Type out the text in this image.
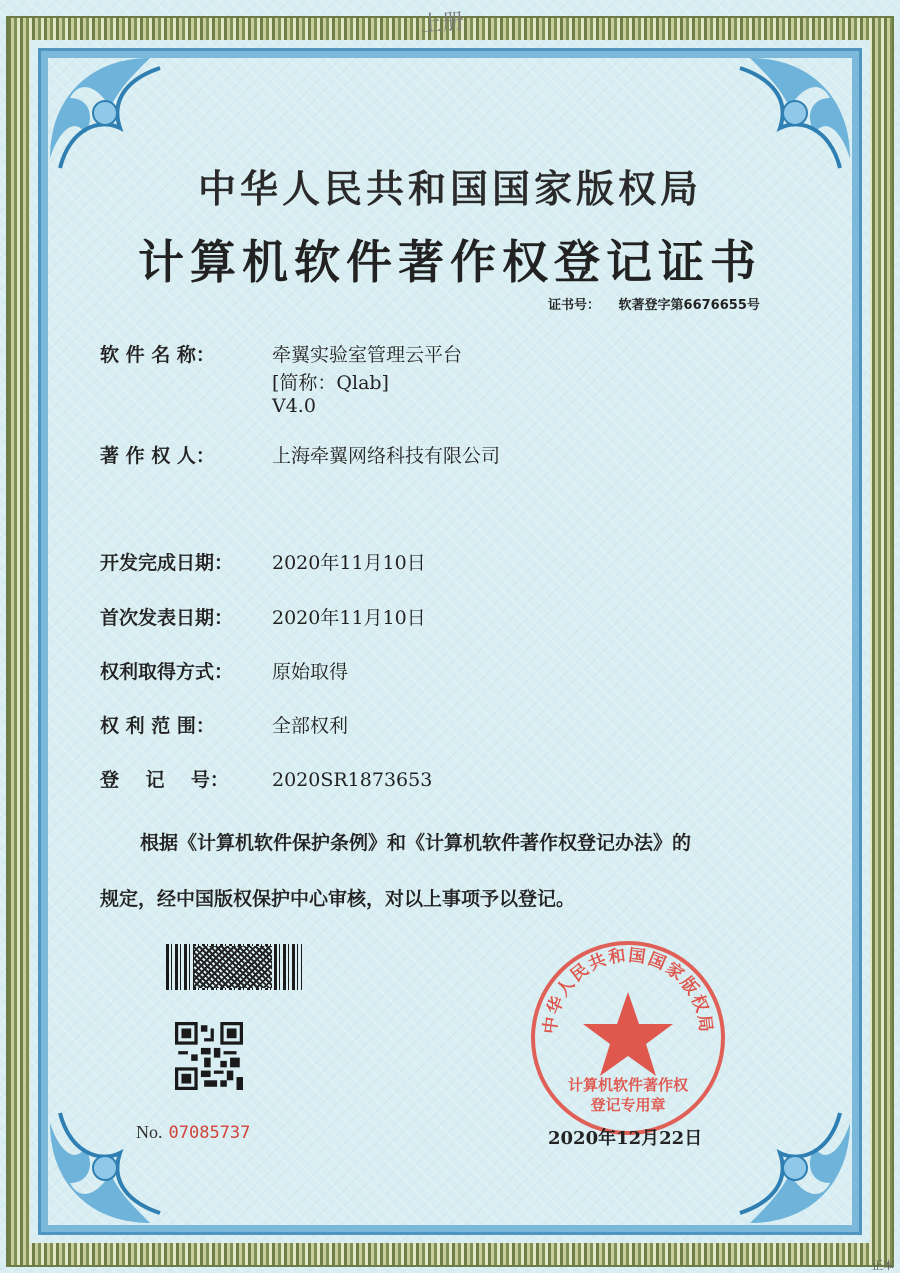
上册
中华人民共和国国家版权局
计算机软件著作权登记证书
证书号： 软著登字第6676655号
软 件 名 称：	牵翼实验室管理云平台
[简称：Qlab]
V4.0
著 作 权 人：	上海牵翼网络科技有限公司
开发完成日期： 2020年11月10日
首次发表日期： 2020年11月10日
权利取得方式： 原始取得
权 利 范 围：	全部权利
登    记    号： 2020SR1873653
根据《计算机软件保护条例》和《计算机软件著作权登记办法》的
规定，经中国版权保护中心审核，对以上事项予以登记。
No. 07085737
中华人民共和国国家版权局
计算机软件著作权
登记专用章
2020年12月22日
正本
